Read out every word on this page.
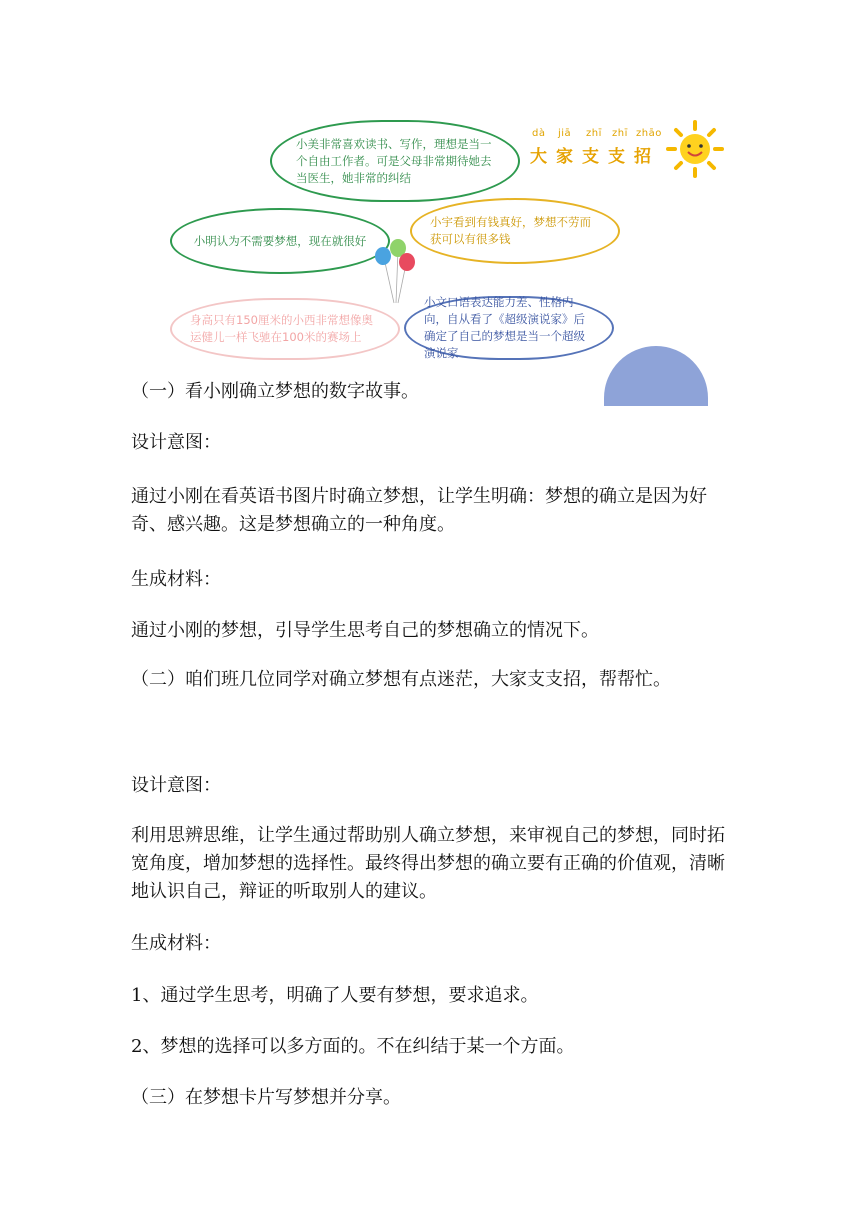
小美非常喜欢读书、写作，理想是当一个自由工作者。可是父母非常期待她去当医生，她非常的纠结
小明认为不需要梦想，现在就很好
小宇看到有钱真好，梦想不劳而获可以有很多钱
身高只有150厘米的小西非常想像奥运健儿一样飞驰在100米的赛场上
小文口语表达能力差、性格内向，自从看了《超级演说家》后确定了自己的梦想是当一个超级演说家
dà jiā zhī zhī zhāo
大 家 支 支 招
（一）看小刚确立梦想的数字故事。
设计意图：
通过小刚在看英语书图片时确立梦想，让学生明确：梦想的确立是因为好奇、感兴趣。这是梦想确立的一种角度。
生成材料：
通过小刚的梦想，引导学生思考自己的梦想确立的情况下。
（二）咱们班几位同学对确立梦想有点迷茫，大家支支招，帮帮忙。
设计意图：
利用思辨思维，让学生通过帮助别人确立梦想，来审视自己的梦想，同时拓宽角度，增加梦想的选择性。最终得出梦想的确立要有正确的价值观，清晰地认识自己，辩证的听取别人的建议。
生成材料：
1、通过学生思考，明确了人要有梦想，要求追求。
2、梦想的选择可以多方面的。不在纠结于某一个方面。
（三）在梦想卡片写梦想并分享。
